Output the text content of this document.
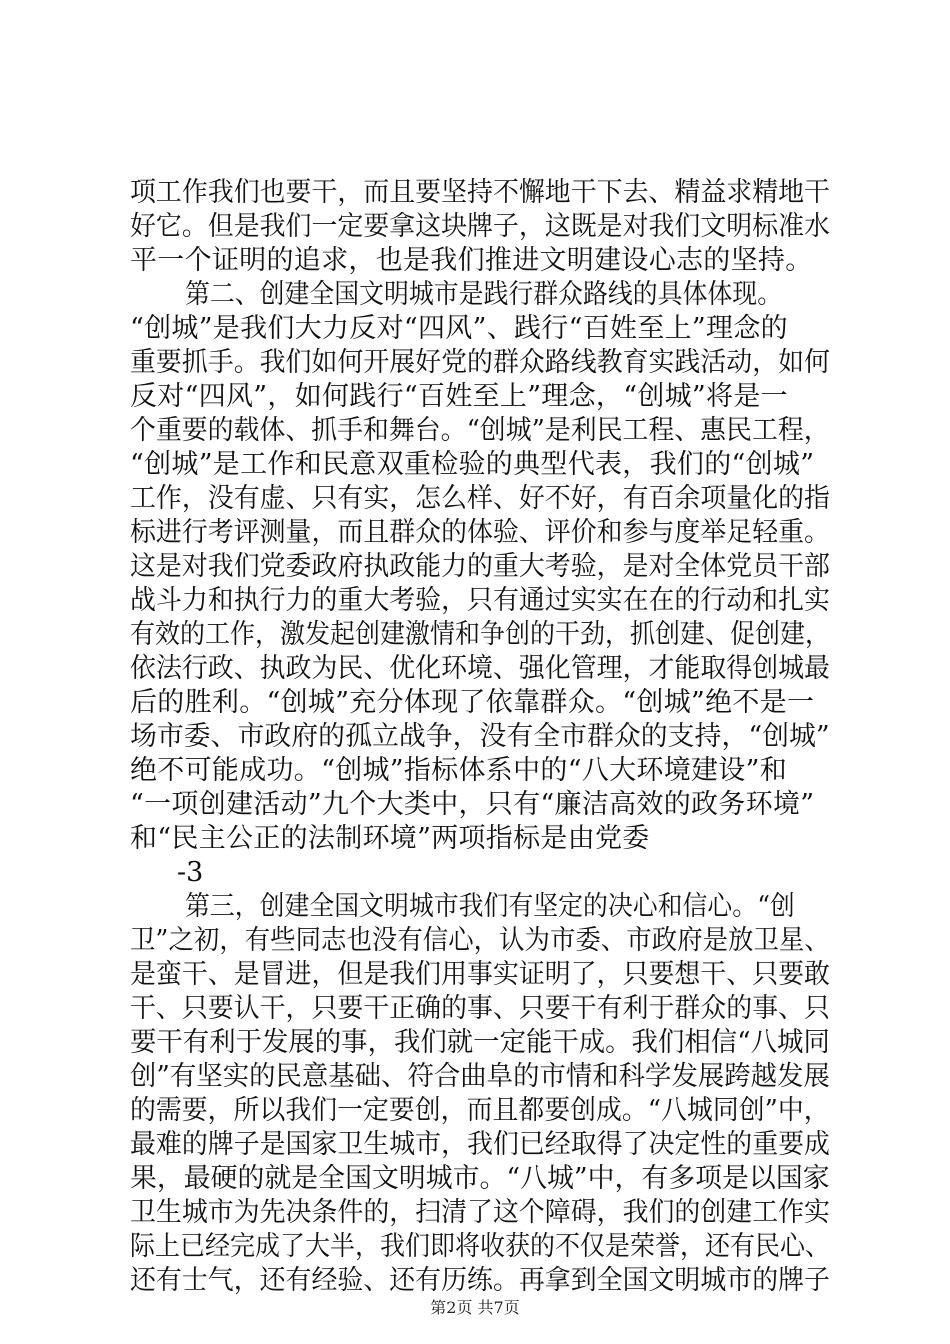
项工作我们也要干，而且要坚持不懈地干下去、精益求精地干
好它。但是我们一定要拿这块牌子，这既是对我们文明标准水
平一个证明的追求，也是我们推进文明建设心志的坚持。
第二、创建全国文明城市是践行群众路线的具体体现。
“创城”是我们大力反对“四风”、践行“百姓至上”理念的
重要抓手。我们如何开展好党的群众路线教育实践活动，如何
反对“四风”，如何践行“百姓至上”理念，“创城”将是一
个重要的载体、抓手和舞台。“创城”是利民工程、惠民工程，
“创城”是工作和民意双重检验的典型代表，我们的“创城”
工作，没有虚、只有实，怎么样、好不好，有百余项量化的指
标进行考评测量，而且群众的体验、评价和参与度举足轻重。
这是对我们党委政府执政能力的重大考验，是对全体党员干部
战斗力和执行力的重大考验，只有通过实实在在的行动和扎实
有效的工作，激发起创建激情和争创的干劲，抓创建、促创建，
依法行政、执政为民、优化环境、强化管理，才能取得创城最
后的胜利。“创城”充分体现了依靠群众。“创城”绝不是一
场市委、市政府的孤立战争，没有全市群众的支持，“创城”
绝不可能成功。“创城”指标体系中的“八大环境建设”和
“一项创建活动”九个大类中，只有“廉洁高效的政务环境”
和“民主公正的法制环境”两项指标是由党委
-3
第三，创建全国文明城市我们有坚定的决心和信心。“创
卫”之初，有些同志也没有信心，认为市委、市政府是放卫星、
是蛮干、是冒进，但是我们用事实证明了，只要想干、只要敢
干、只要认干，只要干正确的事、只要干有利于群众的事、只
要干有利于发展的事，我们就一定能干成。我们相信“八城同
创”有坚实的民意基础、符合曲阜的市情和科学发展跨越发展
的需要，所以我们一定要创，而且都要创成。“八城同创”中，
最难的牌子是国家卫生城市，我们已经取得了决定性的重要成
果，最硬的就是全国文明城市。“八城”中，有多项是以国家
卫生城市为先决条件的，扫清了这个障碍，我们的创建工作实
际上已经完成了大半，我们即将收获的不仅是荣誉，还有民心、
还有士气，还有经验、还有历练。再拿到全国文明城市的牌子
第2页 共7页
